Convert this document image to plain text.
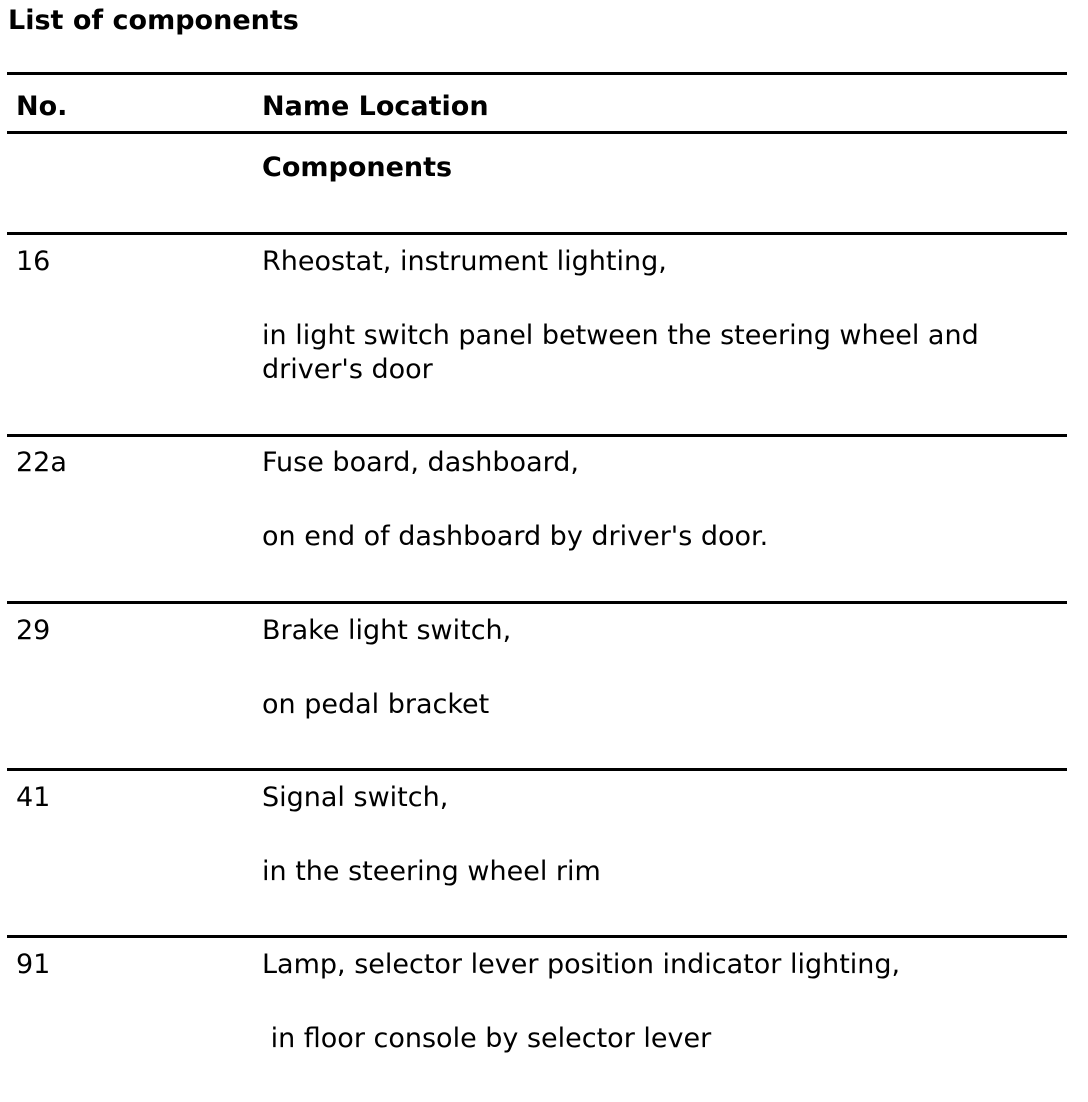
List of components
No.	Name Location
Components
16	Rheostat, instrument lighting,
in light switch panel between the steering wheel and driver's door
22a	Fuse board, dashboard,
on end of dashboard by driver's door.
29	Brake light switch,
on pedal bracket
41	Signal switch,
in the steering wheel rim
91	Lamp, selector lever position indicator lighting,
in floor console by selector lever
